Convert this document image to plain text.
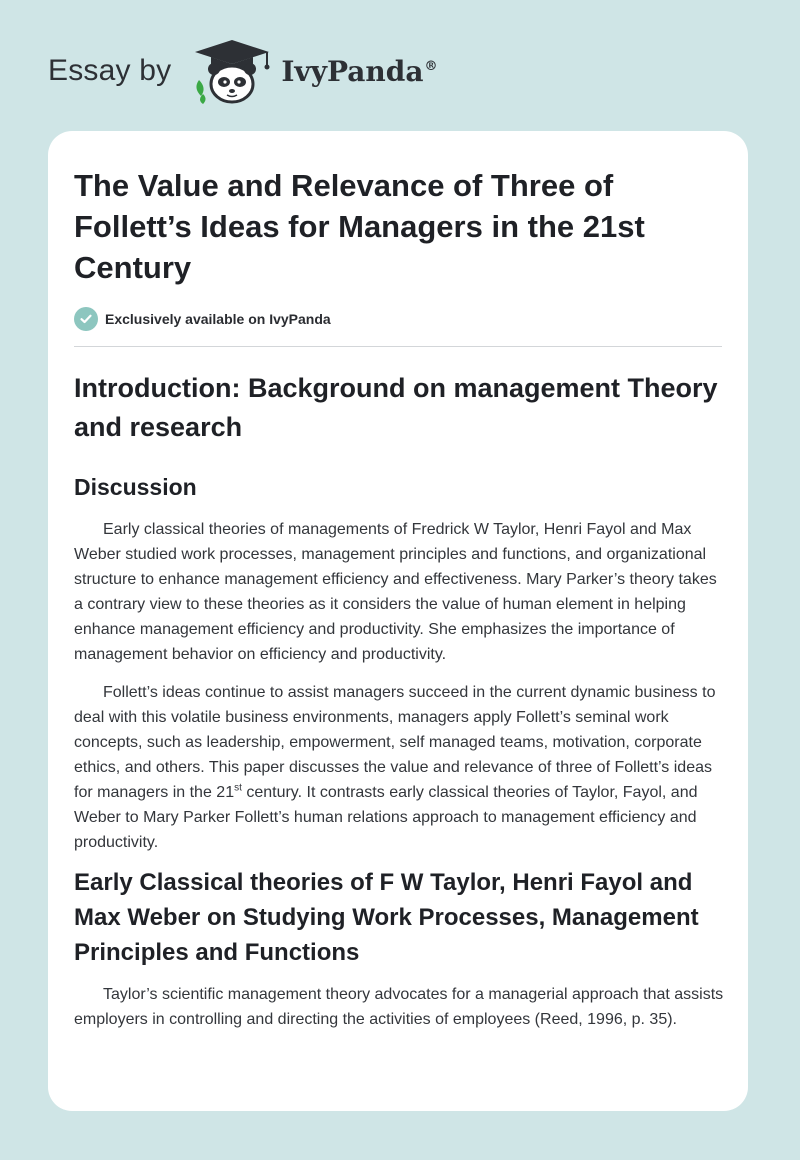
Essay by	IvyPanda®
The Value and Relevance of Three of Follett’s Ideas for Managers in the 21st Century
Exclusively available on IvyPanda
Introduction: Background on management Theory and research
Discussion

Early classical theories of managements of Fredrick W Taylor, Henri Fayol and Max Weber studied work processes, management principles and functions, and organizational structure to enhance management efficiency and effectiveness. Mary Parker’s theory takes a contrary view to these theories as it considers the value of human element in helping enhance management efficiency and productivity. She emphasizes the importance of management behavior on efficiency and productivity.

Follett’s ideas continue to assist managers succeed in the current dynamic business to deal with this volatile business environments, managers apply Follett’s seminal work concepts, such as leadership, empowerment, self managed teams, motivation, corporate ethics, and others. This paper discusses the value and relevance of three of Follett’s ideas for managers in the 21st century. It contrasts early classical theories of Taylor, Fayol, and Weber to Mary Parker Follett’s human relations approach to management efficiency and productivity.

Early Classical theories of F W Taylor, Henri Fayol and Max Weber on Studying Work Processes, Management Principles and Functions

Taylor’s scientific management theory advocates for a managerial approach that assists employers in controlling and directing the activities of employees (Reed, 1996, p. 35).
